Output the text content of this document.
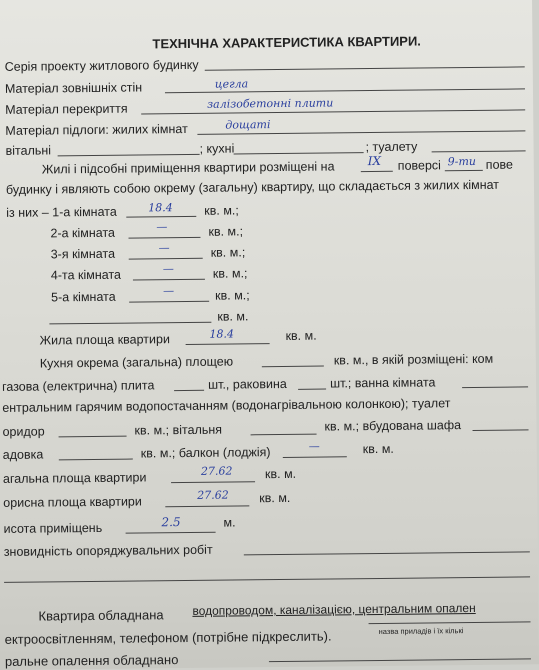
ТЕХНІЧНА ХАРАКТЕРИСТИКА КВАРТИРИ.
Серія проекту житлового будинку
Матеріал зовнішніх стін	цегла
Матеріал перекриття	залізобетонні плити
Матеріал підлоги: жилих кімнат	дощаті
вітальні	; кухні	; туалету
Жилі і підсобні приміщення квартири розміщені на	IX поверсі 9-ти пове
будинку і являють собою окрему (загальну) квартиру, що складається з жилих кімнат
із них – 1-а кімната	18.4	кв. м.;
2-а кімната	—	кв. м.;
3-я кімната	—	кв. м.;
4-та кімната	—	кв. м.;
5-а кімната	—	кв. м.;
кв. м.
Жила площа квартири	18.4	кв. м.
Кухня окрема (загальна) площею	кв. м., в якій розміщені: ком
газова (електрична) плита	шт., раковина	шт.; ванна кімната
ентральним гарячим водопостачанням (водонагрівальною колонкою); туалет
оридор	кв. м.; вітальня	кв. м.; вбудована шафа
адовка	кв. м.; балкон (лоджія)	—	кв. м.
агальна площа квартири	27.62	кв. м.
орисна площа квартири	27.62 кв. м.
исота приміщень	2.5	м.
зновидність опоряджувальних робіт
Квартира обладнана водопроводом, каналізацією, центральним опален
ектроосвітленням, телефоном (потрібне підкреслить).	назва приладів і їх кількі
ральне опалення обладнано
